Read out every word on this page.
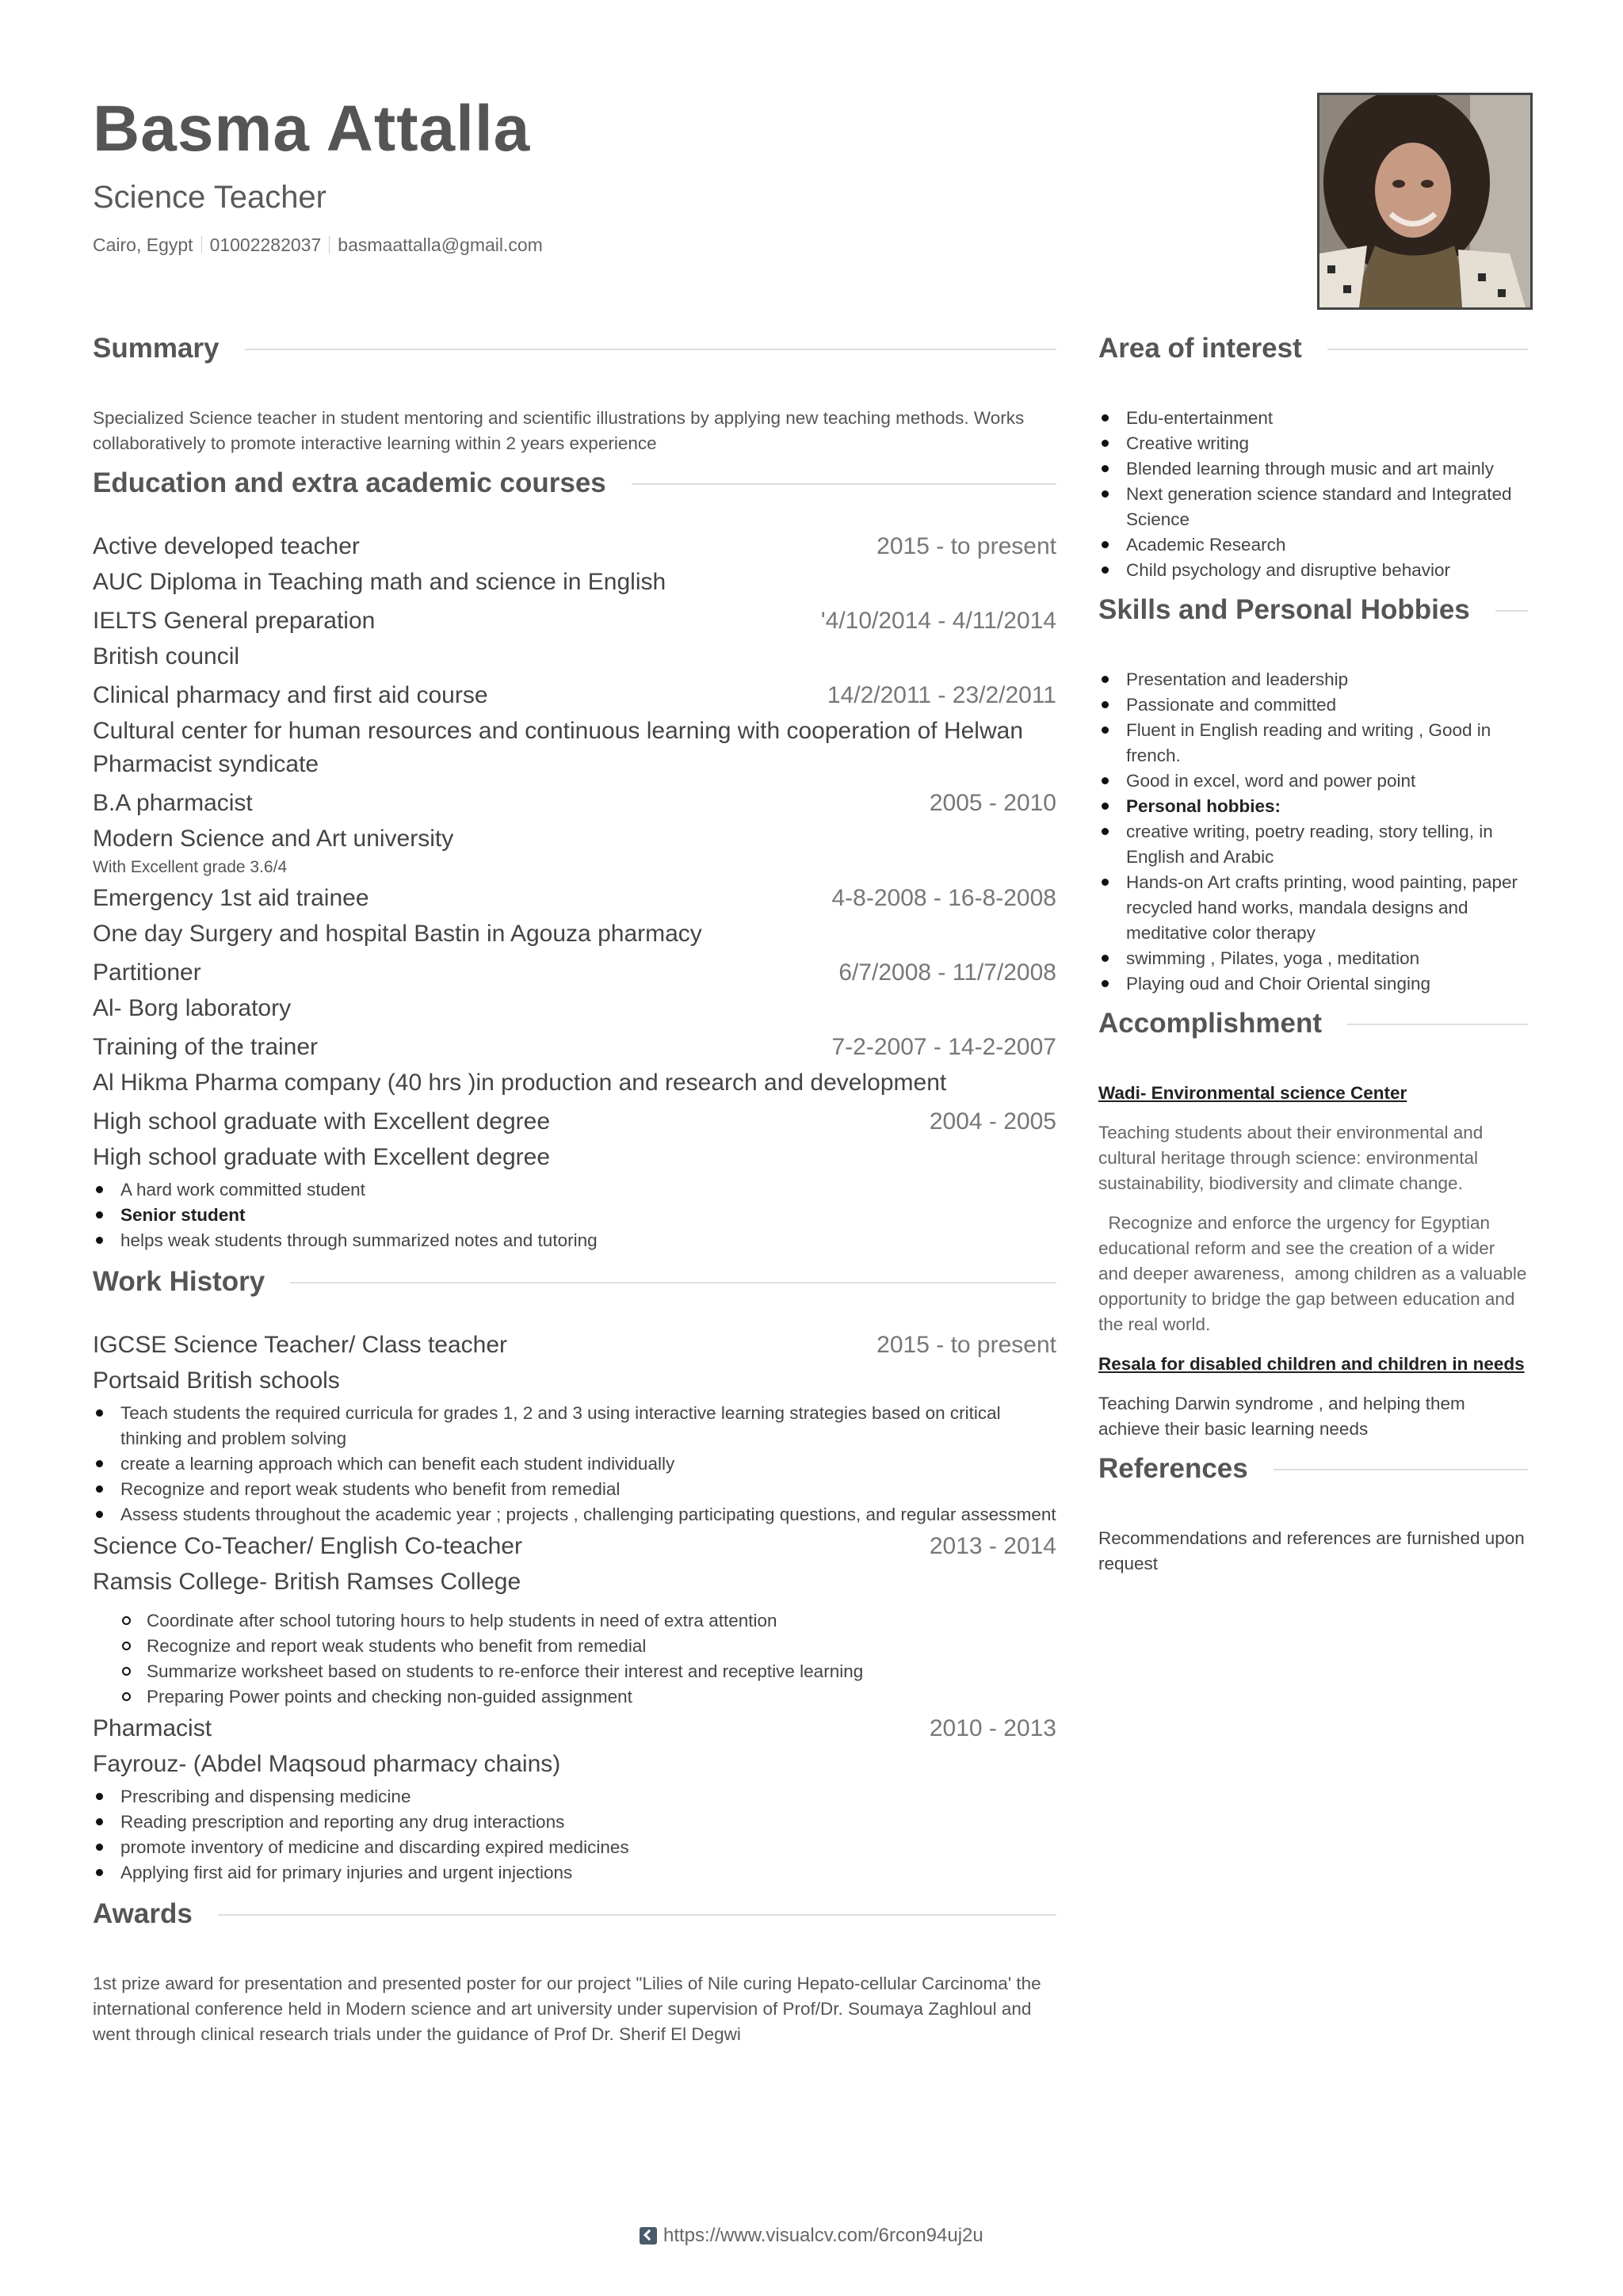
Basma Attalla
Science Teacher
Cairo, Egypt 01002282037 basmaattalla@gmail.com
Summary

Specialized Science teacher in student mentoring and scientific illustrations by applying new teaching methods. Works collaboratively to promote interactive learning within 2 years experience

Education and extra academic courses
Active developed teacher	2015 - to present
AUC Diploma in Teaching math and science in English
IELTS General preparation	'4/10/2014 - 4/11/2014
British council
Clinical pharmacy and first aid course	14/2/2011 - 23/2/2011
Cultural center for human resources and continuous learning with cooperation of Helwan Pharmacist syndicate
B.A pharmacist	2005 - 2010
Modern Science and Art university
With Excellent grade 3.6/4
Emergency 1st aid trainee	4-8-2008 - 16-8-2008
One day Surgery and hospital Bastin in Agouza pharmacy
Partitioner	6/7/2008 - 11/7/2008
Al- Borg laboratory
Training of the trainer	7-2-2007 - 14-2-2007
Al Hikma Pharma company (40 hrs )in production and research and development
High school graduate with Excellent degree	2004 - 2005
High school graduate with Excellent degree
A hard work committed student
Senior student
helps weak students through summarized notes and tutoring
Work History
IGCSE Science Teacher/ Class teacher	2015 - to present
Portsaid British schools
Teach students the required curricula for grades 1, 2 and 3 using interactive learning strategies based on critical thinking and problem solving
create a learning approach which can benefit each student individually
Recognize and report weak students who benefit from remedial
Assess students throughout the academic year ; projects , challenging participating questions, and regular assessment
Science Co-Teacher/ English Co-teacher	2013 - 2014
Ramsis College- British Ramses College
Coordinate after school tutoring hours to help students in need of extra attention
Recognize and report weak students who benefit from remedial
Summarize worksheet based on students to re-enforce their interest and receptive learning
Preparing Power points and checking non-guided assignment
Pharmacist	2010 - 2013
Fayrouz- (Abdel Maqsoud pharmacy chains)
Prescribing and dispensing medicine
Reading prescription and reporting any drug interactions
promote inventory of medicine and discarding expired medicines
Applying first aid for primary injuries and urgent injections
Awards

1st prize award for presentation and presented poster for our project "Lilies of Nile curing Hepato-cellular Carcinoma' the international conference held in Modern science and art university under supervision of Prof/Dr. Soumaya Zaghloul and went through clinical research trials under the guidance of Prof Dr. Sherif El Degwi

Area of interest
Edu-entertainment
Creative writing
Blended learning through music and art mainly
Next generation science standard and Integrated Science
Academic Research
Child psychology and disruptive behavior
Skills and Personal Hobbies
Presentation and leadership
Passionate and committed
Fluent in English reading and writing , Good in french.
Good in excel, word and power point
Personal hobbies:
creative writing, poetry reading, story telling, in English and Arabic
Hands-on Art crafts printing, wood painting, paper recycled hand works, mandala designs and meditative color therapy
swimming , Pilates, yoga , meditation
Playing oud and Choir Oriental singing
Accomplishment

Wadi- Environmental science Center

Teaching students about their environmental and cultural heritage through science: environmental sustainability, biodiversity and climate change.

Recognize and enforce the urgency for Egyptian educational reform and see the creation of a wider and deeper awareness,  among children as a valuable opportunity to bridge the gap between education and the real world.

Resala for disabled children and children in needs

Teaching Darwin syndrome , and helping them achieve their basic learning needs

References

Recommendations and references are furnished upon request

https://www.visualcv.com/6rcon94uj2u
